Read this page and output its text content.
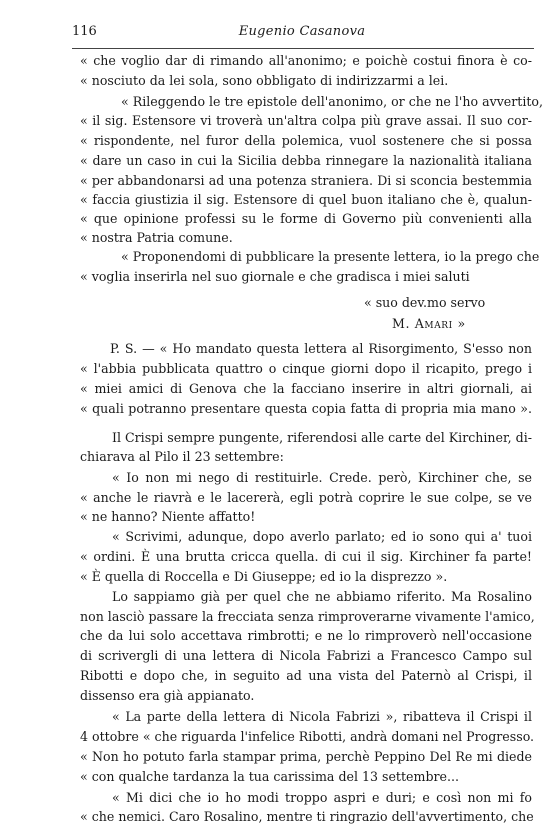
116	Eugenio Casanova
« che voglio dar di rimando all'anonimo; e poichè costui finora è co-
« nosciuto da lei sola, sono obbligato di indirizzarmi a lei.
« Rileggendo le tre epistole dell'anonimo, or che ne l'ho avvertito,
« il sig. Estensore vi troverà un'altra colpa più grave assai. Il suo cor-
« rispondente, nel furor della polemica, vuol sostenere che si possa
« dare un caso in cui la Sicilia debba rinnegare la nazionalità italiana
« per abbandonarsi ad una potenza straniera. Di si sconcia bestemmia
« faccia giustizia il sig. Estensore di quel buon italiano che è, qualun-
« que opinione professi su le forme di Governo più convenienti alla
« nostra Patria comune.
« Proponendomi di pubblicare la presente lettera, io la prego che
« voglia inserirla nel suo giornale e che gradisca i miei saluti
« suo dev.mo servo
M. Amari »
P. S. — « Ho mandato questa lettera al Risorgimento, S'esso non
« l'abbia pubblicata quattro o cinque giorni dopo il ricapito, prego i
« miei amici di Genova che la facciano inserire in altri giornali, ai
« quali potranno presentare questa copia fatta di propria mia mano ».
Il Crispi sempre pungente, riferendosi alle carte del Kirchiner, di-
chiarava al Pilo il 23 settembre:
« Io non mi nego di restituirle. Crede. però, Kirchiner che, se
« anche le riavrà e le lacererà, egli potrà coprire le sue colpe, se ve
« ne hanno? Niente affatto!
« Scrivimi, adunque, dopo averlo parlato; ed io sono qui a' tuoi
« ordini. È una brutta cricca quella. di cui il sig. Kirchiner fa parte!
« È quella di Roccella e Di Giuseppe; ed io la disprezzo ».
Lo sappiamo già per quel che ne abbiamo riferito. Ma Rosalino
non lasciò passare la frecciata senza rimproverarne vivamente l'amico,
che da lui solo accettava rimbrotti; e ne lo rimproverò nell'occasione
di scrivergli di una lettera di Nicola Fabrizi a Francesco Campo sul
Ribotti e dopo che, in seguito ad una vista del Paternò al Crispi, il
dissenso era già appianato.
« La parte della lettera di Nicola Fabrizi », ribatteva il Crispi il
4 ottobre « che riguarda l'infelice Ribotti, andrà domani nel Progresso.
« Non ho potuto farla stampar prima, perchè Peppino Del Re mi diede
« con qualche tardanza la tua carissima del 13 settembre...
« Mi dici che io ho modi troppo aspri e duri; e così non mi fo
« che nemici. Caro Rosalino, mentre ti ringrazio dell'avvertimento, che
